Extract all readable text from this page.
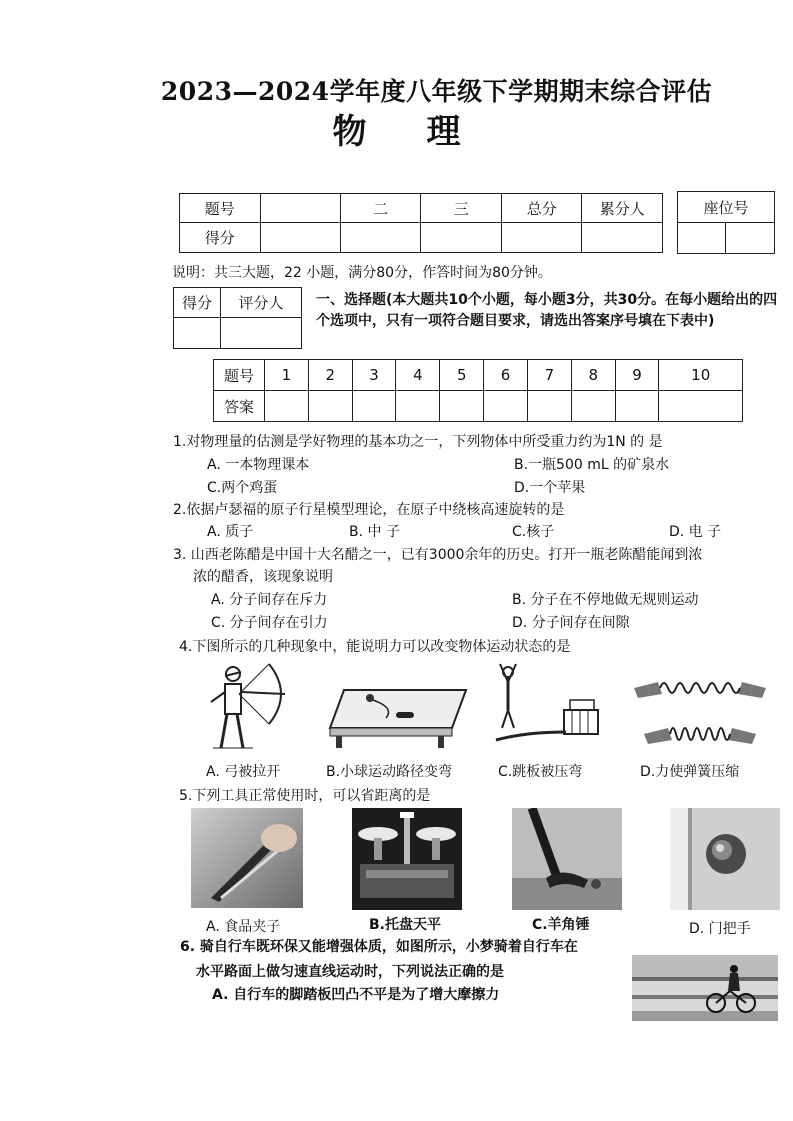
2023—2024学年度八年级下学期期末综合评估
物理
题号		二	三	总分	累分人
得分					
座位号

说明：共三大题，22 小题，满分80分，作答时间为80分钟。
得分	评分人
	一、选择题(本大题共10个小题，每小题3分，共30分。在每小题给出的四个选项中，只有一项符合题目要求，请选出答案序号填在下表中)
题号	1	2	3	4	5	6	7	8	9	10
答案										
1.对物理量的估测是学好物理的基本功之一，下列物体中所受重力约为1N 的 是
A. 一本物理课本	B.一瓶500 mL 的矿泉水
C.两个鸡蛋	D.一个苹果
2.依据卢瑟福的原子行星模型理论，在原子中绕核高速旋转的是
A. 质子	B. 中 子	C.核子	D. 电 子
3. 山西老陈醋是中国十大名醋之一，已有3000余年的历史。打开一瓶老陈醋能闻到浓
浓的醋香，该现象说明
A. 分子间存在斥力	B. 分子在不停地做无规则运动
C. 分子间存在引力	D. 分子间存在间隙
4.下图所示的几种现象中，能说明力可以改变物体运动状态的是
A. 弓被拉开	B.小球运动路径变弯	C.跳板被压弯	D.力使弹簧压缩
5.下列工具正常使用时，可以省距离的是
A. 食品夹子	B.托盘天平	C.羊角锤	D. 门把手
6. 骑自行车既环保又能增强体质，如图所示，小梦骑着自行车在
水平路面上做匀速直线运动时，下列说法正确的是
A. 自行车的脚踏板凹凸不平是为了增大摩擦力
